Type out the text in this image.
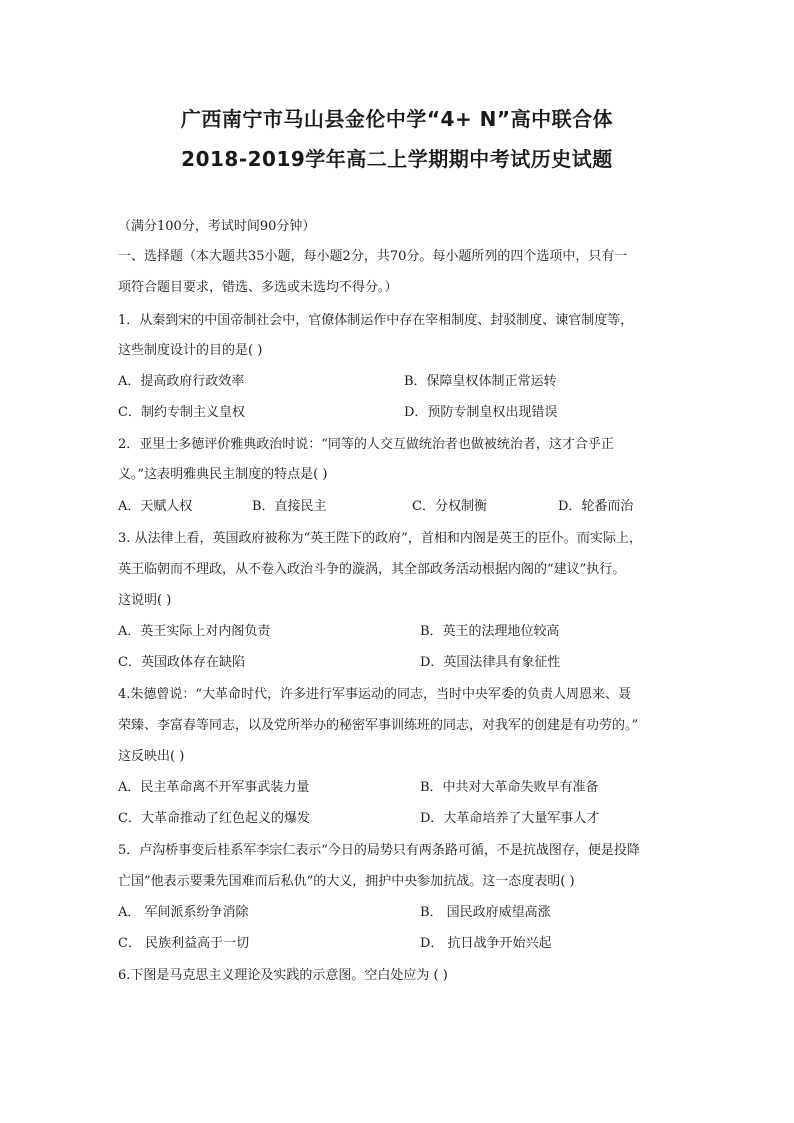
广西南宁市马山县金伦中学“4+ N”高中联合体
2018-2019学年高二上学期期中考试历史试题
（满分100分，考试时间90分钟）
一、选择题（本大题共35小题，每小题2分，共70分。每小题所列的四个选项中，只有一
项符合题目要求，错选、多选或未选均不得分。）
1．从秦到宋的中国帝制社会中，官僚体制运作中存在宰相制度、封驳制度、谏官制度等，
这些制度设计的目的是( )
A．提高政府行政效率	B．保障皇权体制正常运转
C．制约专制主义皇权	D．预防专制皇权出现错误
2．亚里士多德评价雅典政治时说：“同等的人交互做统治者也做被统治者，这才合乎正
义。”这表明雅典民主制度的特点是( )
A．天赋人权	B．直接民主	C．分权制衡	D．轮番而治
3. 从法律上看，英国政府被称为“英王陛下的政府”，首相和内阁是英王的臣仆。而实际上，
英王临朝而不理政，从不卷入政治斗争的漩涡，其全部政务活动根据内阁的“建议”执行。
这说明( )
A．英王实际上对内阁负责	B．英王的法理地位较高
C．英国政体存在缺陷	D．英国法律具有象征性
4.朱德曾说：“大革命时代，许多进行军事运动的同志，当时中央军委的负责人周恩来、聂
荣臻、李富春等同志，以及党所举办的秘密军事训练班的同志，对我军的创建是有功劳的。”
这反映出( )
A．民主革命离不开军事武装力量	B．中共对大革命失败早有准备
C．大革命推动了红色起义的爆发	D．大革命培养了大量军事人才
5．卢沟桥事变后桂系军李宗仁表示“今日的局势只有两条路可循，不是抗战图存，便是投降
亡国”他表示要秉先国难而后私仇”的大义，拥护中央参加抗战。这一态度表明( )
A． 军间派系纷争消除	B． 国民政府威望高涨
C． 民族利益高于一切	D． 抗日战争开始兴起
6.下图是马克思主义理论及实践的示意图。空白处应为 ( )
